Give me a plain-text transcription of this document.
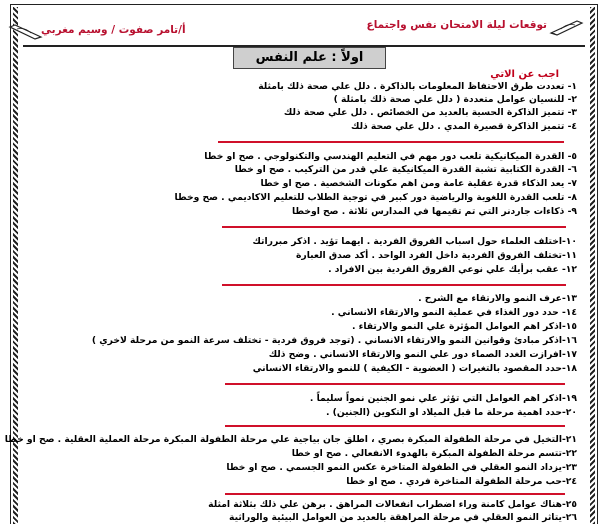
توقعات ليلة الامتحان نفس واجتماع
أ/تامر صفوت / وسيم مغربي
اولاً : علم النفس
اجب عن الاتي
١- تعددت طرق الاحتفاظ المعلومات بالذاكرة . دلل علي صحة ذلك بامثلة
٢- للنسيان عوامل متعددة ( دلل علي صحة ذلك بامثلة )
٣- تتميز الذاكرة الحسية بالعديد من الخصائص . دلل علي صحة ذلك
٤- تتميز الذاكرة قصيرة المدي . دلل علي صحة ذلك
٥- القدرة الميكانيكية تلعب دور مهم في التعليم الهندسي والتكنولوجي . صح او خطا
٦- القدرة الكتابية تشبة القدرة الميكانيكية علي قدر من التركيب . صح او خطا
٧- يعد الذكاء قدرة عقلية عامة ومن اهم مكونات الشخصية . صح او خطا
٨- تلعب القدرة اللغوية والرياضية دور كبير في توجية الطلاب للتعليم الاكاديمي . صح وخطا
٩- ذكاءات جاردنر التي تم تقيمها في المدارس ثلاثة . صح اوخطا
١٠-اختلف العلماء حول اسباب الفروق الفردية . ايهما تؤيد . اذكر مبرراتك
١١-تختلف الفروق الفردية داخل الفرد الواحد . أكد صدق العبارة
١٢- عقب برأيك علي نوعي الفروق الفردية بين الافراد .
١٣-عرف النمو والارتقاء مع الشرح .
١٤- حدد دور الغذاء في عملية النمو والارتقاء الانساني .
١٥-اذكر اهم العوامل المؤثرة علي النمو والارتقاء .
١٦-اذكر مبادئ وقوانين النمو والارتقاء الانساني . (توجد فروق فردية - تختلف سرعة النمو من مرحلة لاخري )
١٧-افرازت الغدد الصماء دور علي النمو والارتقاء الانساني . وضح ذلك
١٨-حدد المقصود بالتغيرات ( العضوية - الكيفية ) للنمو والارتقاء الانساني
١٩-اذكر اهم العوامل التي تؤثر علي نمو الجنين نمواً سليماً .
٢٠-حدد اهمية مرحلة ما قبل الميلاد او التكوين (الجنين) .
٢١-التخيل في مرحلة الطفولة المبكرة بصري ، اطلق جان بياجية علي مرحلة الطفولة المبكرة مرحلة العملية العقلية . صح او خطا
٢٢-تتسم مرحلة الطفولة المبكرة بالهدوء الانفعالي . صح او خطا
٢٣-يزداد النمو العقلي في الطفولة المتاخرة عكس النمو الجسمي . صح او خطا
٢٤-حب مرحلة الطفولة المتاخرة فردي . صح او خطا
٢٥-هناك عوامل كامنة وراء اضطراب انفعالات المراهق . برهن علي ذلك بثلاثة امثلة
٢٦-يتاثر النمو العقلي في مرحلة المراهقة بالعديد من العوامل البيئية والوراثية
